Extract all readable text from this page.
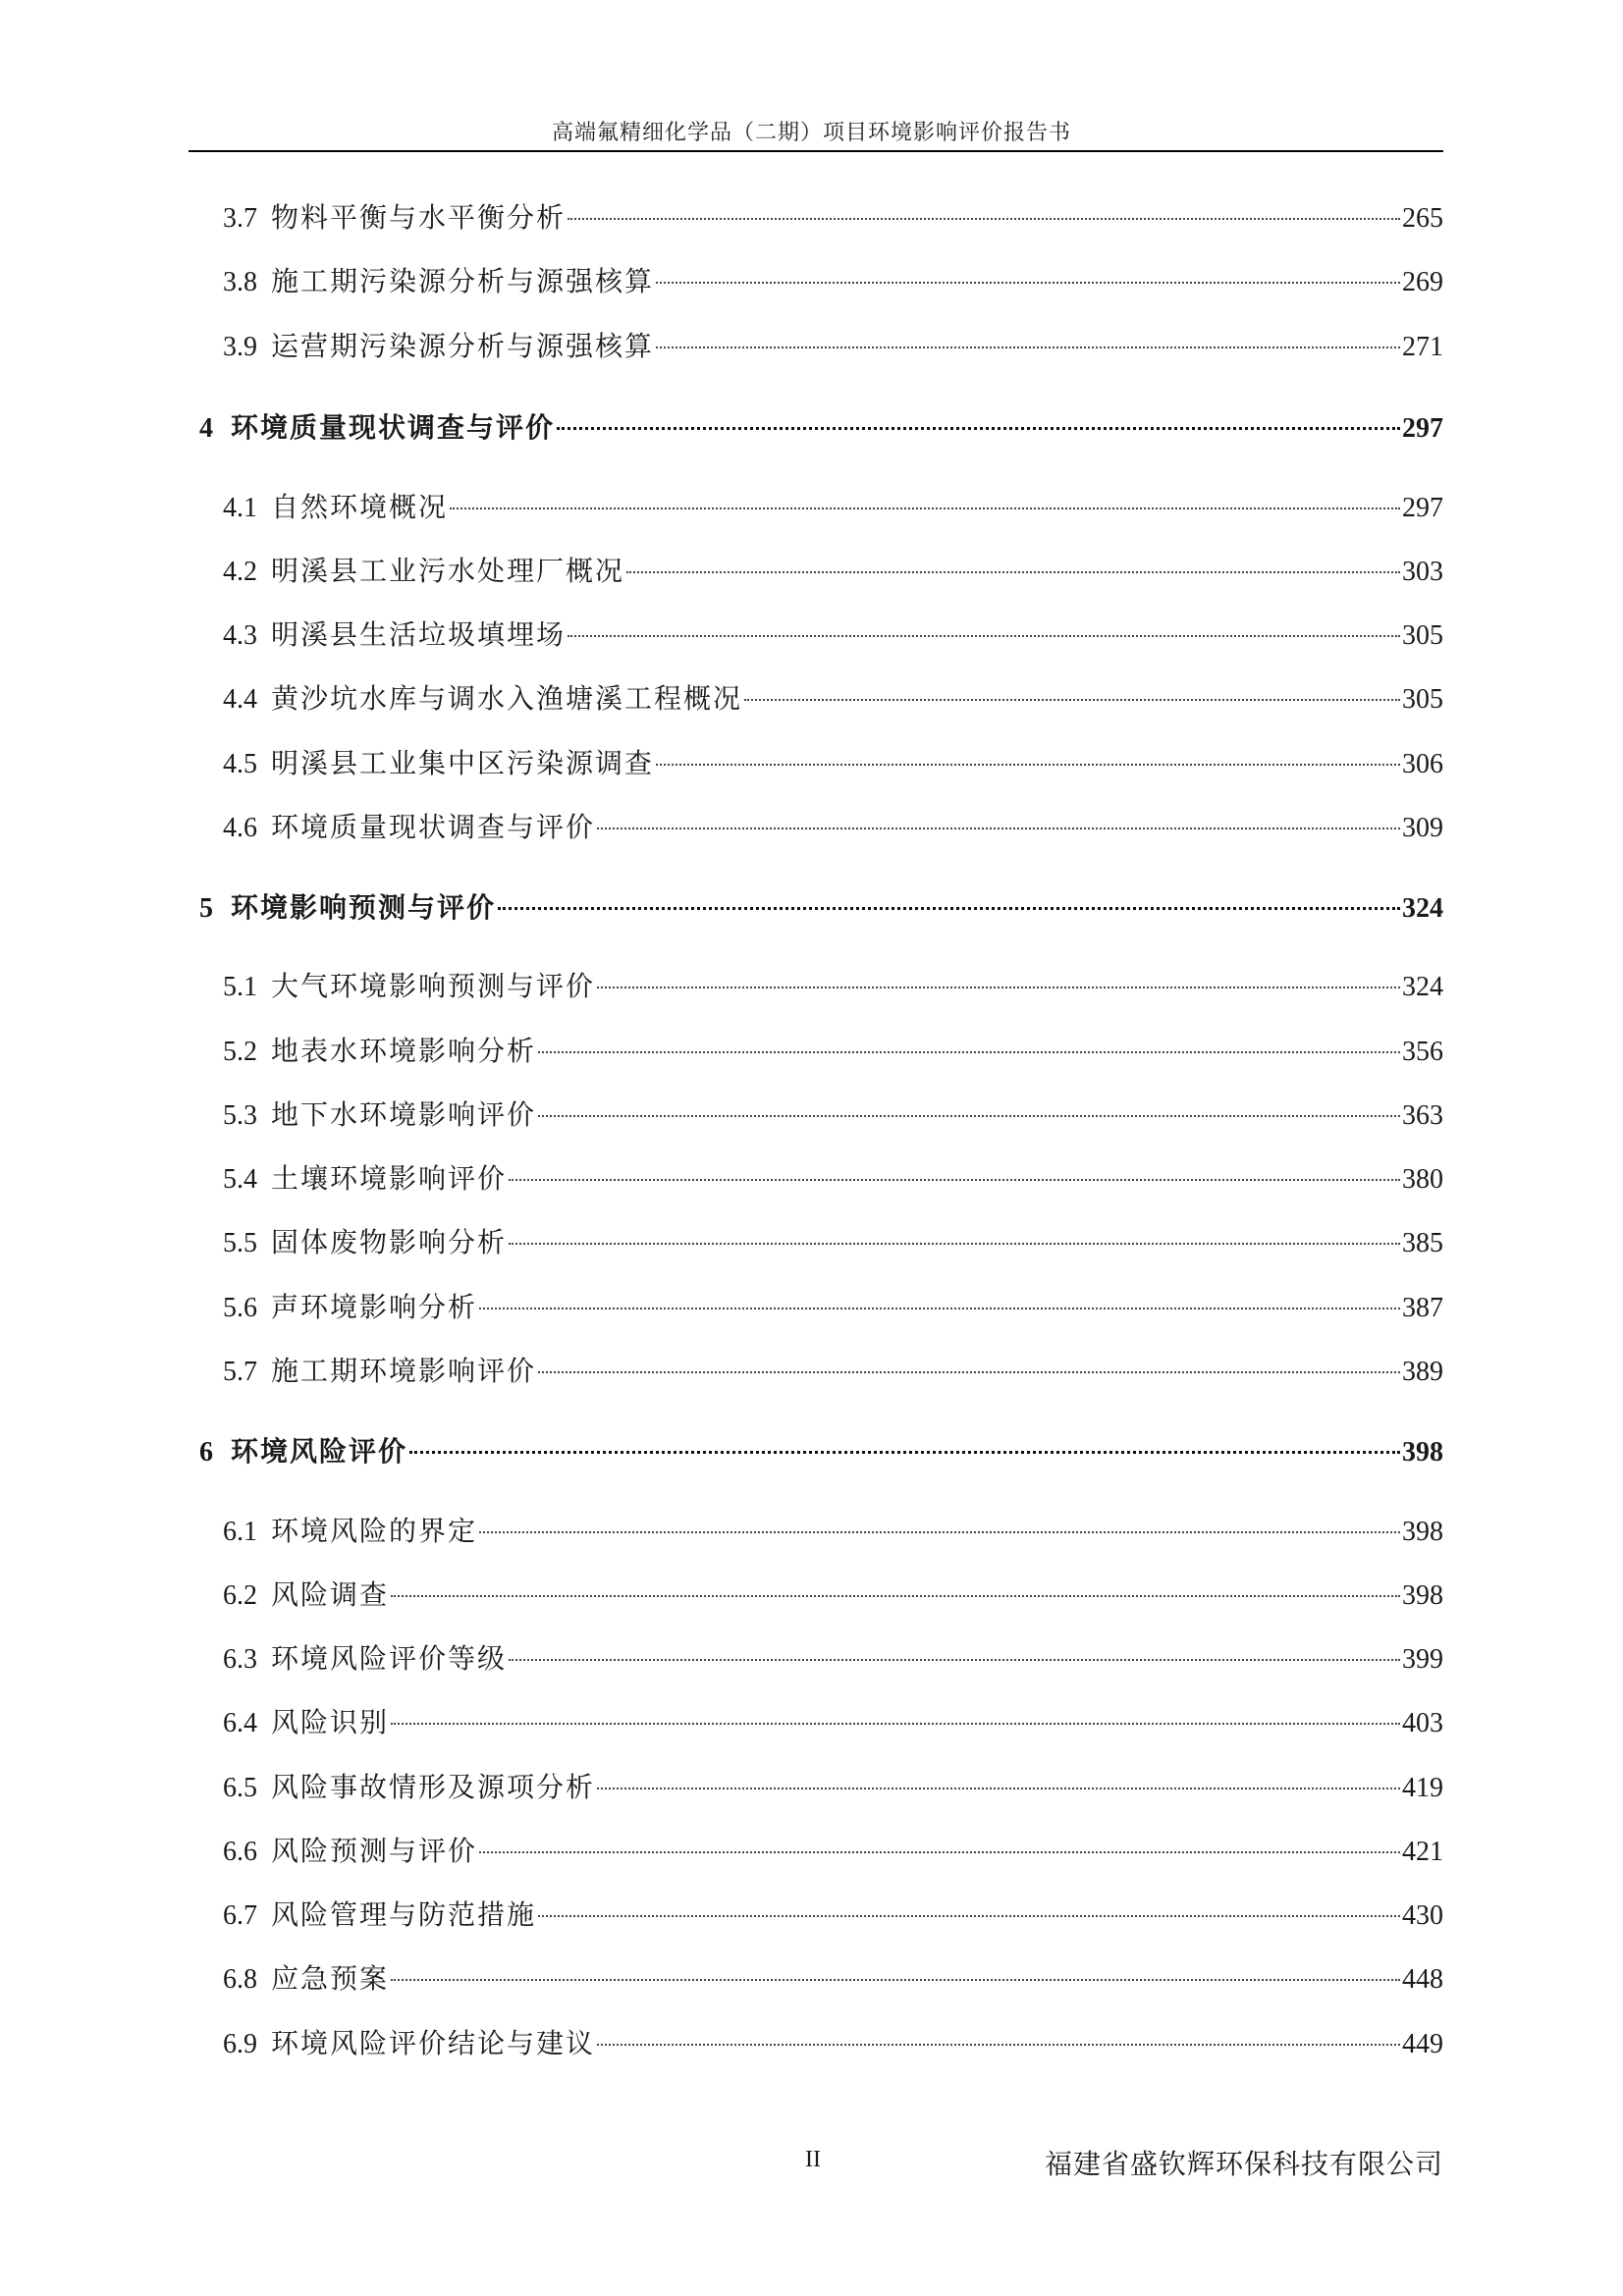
高端氟精细化学品（二期）项目环境影响评价报告书
3.7 物料平衡与水平衡分析	265
3.8 施工期污染源分析与源强核算	269
3.9 运营期污染源分析与源强核算	271
4 环境质量现状调查与评价	297
4.1 自然环境概况	297
4.2 明溪县工业污水处理厂概况	303
4.3 明溪县生活垃圾填埋场	305
4.4 黄沙坑水库与调水入渔塘溪工程概况	305
4.5 明溪县工业集中区污染源调查	306
4.6 环境质量现状调查与评价	309
5 环境影响预测与评价	324
5.1 大气环境影响预测与评价	324
5.2 地表水环境影响分析	356
5.3 地下水环境影响评价	363
5.4 土壤环境影响评价	380
5.5 固体废物影响分析	385
5.6 声环境影响分析	387
5.7 施工期环境影响评价	389
6 环境风险评价	398
6.1 环境风险的界定	398
6.2 风险调查	398
6.3 环境风险评价等级	399
6.4 风险识别	403
6.5 风险事故情形及源项分析	419
6.6 风险预测与评价	421
6.7 风险管理与防范措施	430
6.8 应急预案	448
6.9 环境风险评价结论与建议	449
II	福建省盛钦辉环保科技有限公司
